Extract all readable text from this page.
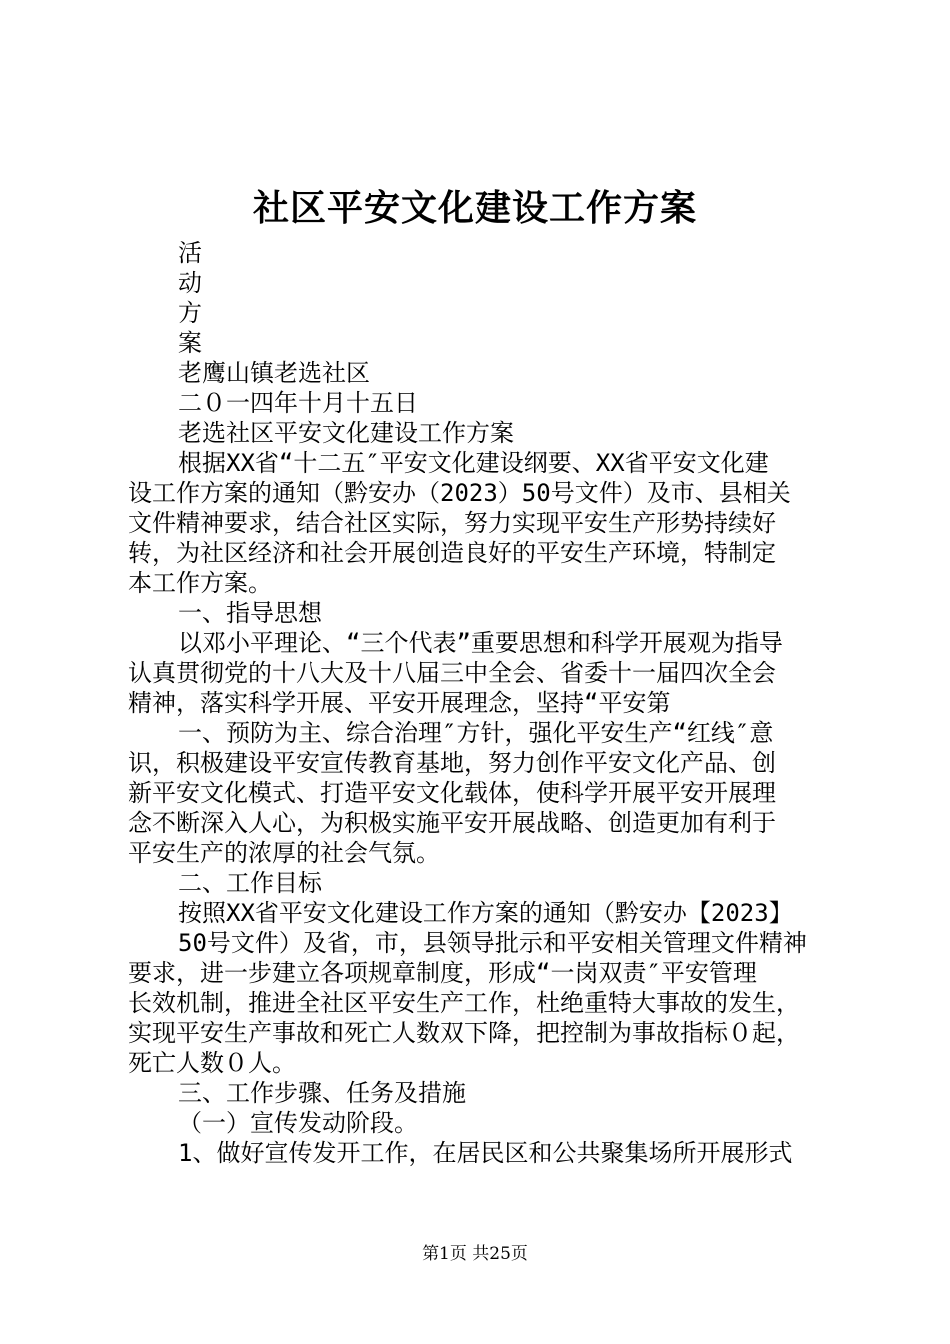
社区平安文化建设工作方案
活
动
方
案
老鹰山镇老选社区
二０一四年十月十五日
老选社区平安文化建设工作方案
根据XX省“十二五″平安文化建设纲要、XX省平安文化建
设工作方案的通知（黔安办（2023）50号文件）及市、县相关
文件精神要求，结合社区实际，努力实现平安生产形势持续好
转，为社区经济和社会开展创造良好的平安生产环境，特制定
本工作方案。
一、指导思想
以邓小平理论、“三个代表”重要思想和科学开展观为指导
认真贯彻党的十八大及十八届三中全会、省委十一届四次全会
精神，落实科学开展、平安开展理念，坚持“平安第
一、预防为主、综合治理″方针，强化平安生产“红线″意
识，积极建设平安宣传教育基地，努力创作平安文化产品、创
新平安文化模式、打造平安文化载体，使科学开展平安开展理
念不断深入人心，为积极实施平安开展战略、创造更加有利于
平安生产的浓厚的社会气氛。
二、工作目标
按照XX省平安文化建设工作方案的通知（黔安办【2023】
50号文件）及省，市，县领导批示和平安相关管理文件精神
要求，进一步建立各项规章制度，形成“一岗双责″平安管理
长效机制，推进全社区平安生产工作，杜绝重特大事故的发生，
实现平安生产事故和死亡人数双下降，把控制为事故指标０起，
死亡人数０人。
三、工作步骤、任务及措施
（一）宣传发动阶段。
1、做好宣传发开工作，在居民区和公共聚集场所开展形式
第1页 共25页
